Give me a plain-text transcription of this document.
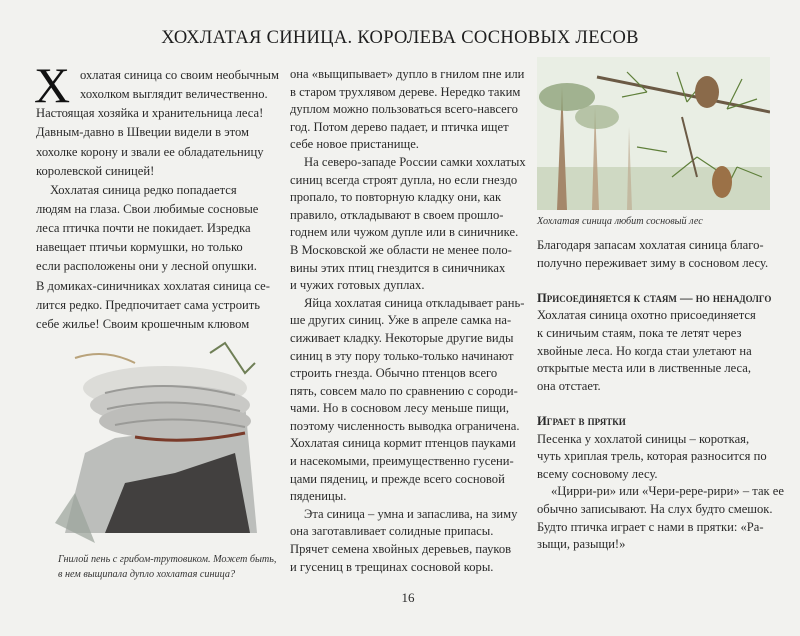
ХОХЛАТАЯ СИНИЦА. КОРОЛЕВА СОСНОВЫХ ЛЕСОВ
Х охлатая синица со своим необычным
хохолком выглядит величественно.
Настоящая хозяйка и хранительница леса!
Давным-давно в Швеции видели в этом
хохолке корону и звали ее обладательницу
королевской синицей!
Хохлатая синица редко попадается
людям на глаза. Свои любимые сосновые
леса птичка почти не покидает. Изредка
навещает птичьи кормушки, но только
если расположены они у лесной опушки.
В домиках-синичниках хохлатая синица се-
лится редко. Предпочитает сама устроить
себе жилье! Своим крошечным клювом
она «выщипывает» дупло в гнилом пне или
в старом трухлявом дереве. Нередко таким
дуплом можно пользоваться всего-навсего
год. Потом дерево падает, и птичка ищет
себе новое пристанище.
На северо-западе России самки хохлатых
синиц всегда строят дупла, но если гнездо
пропало, то повторную кладку они, как
правило, откладывают в своем прошло-
годнем или чужом дупле или в синичнике.
В Московской же области не менее поло-
вины этих птиц гнездится в синичниках
и чужих готовых дуплах.
Яйца хохлатая синица откладывает рань-
ше других синиц. Уже в апреле самка на-
сиживает кладку. Некоторые другие виды
синиц в эту пору только-только начинают
строить гнезда. Обычно птенцов всего
пять, совсем мало по сравнению с сороди-
чами. Но в сосновом лесу меньше пищи,
поэтому численность выводка ограничена.
Хохлатая синица кормит птенцов пауками
и насекомыми, преимущественно гусени-
цами пядениц, и прежде всего сосновой
пяденицы.
Эта синица – умна и запаслива, на зиму
она заготавливает солидные припасы.
Прячет семена хвойных деревьев, пауков
и гусениц в трещинах сосновой коры.
Благодаря запасам хохлатая синица благо-
получно переживает зиму в сосновом лесу.
Присоединяется к стаям — но ненадолго
Хохлатая синица охотно присоединяется
к синичьим стаям, пока те летят через
хвойные леса. Но когда стаи улетают на
открытые места или в лиственные леса,
она отстает.
Играет в прятки
Песенка у хохлатой синицы – короткая,
чуть хриплая трель, которая разносится по
всему сосновому лесу.
«Цирри-ри» или «Чери-рере-рири» – так ее
обычно записывают. На слух будто смешок.
Будто птичка играет с нами в прятки: «Ра-
зыщи, разыщи!»
Гнилой пень с грибом-трутовиком. Может быть,
в нем выщипала дупло хохлатая синица?
Хохлатая синица любит сосновый лес
16
